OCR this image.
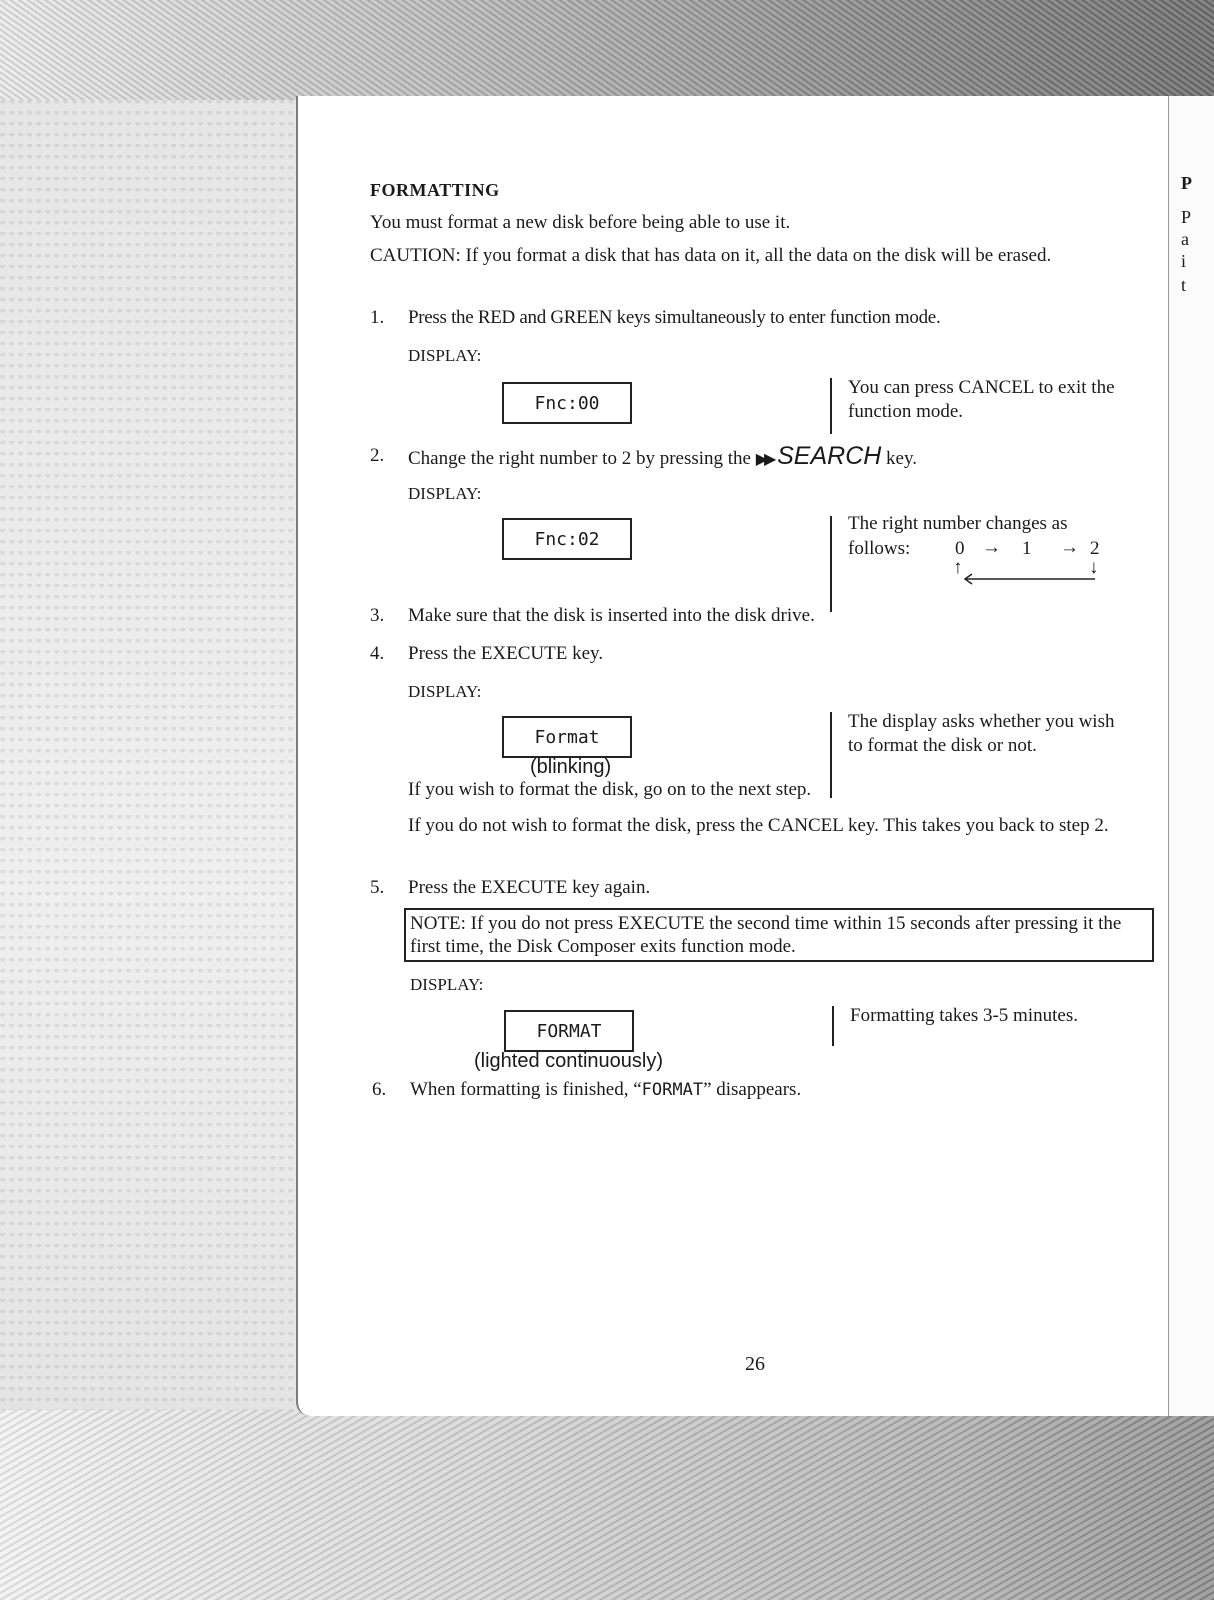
P
P
a
i
t
FORMATTING
You must format a new disk before being able to use it.
CAUTION: If you format a disk that has data on it, all the data on the disk will be erased.
1. Press the RED and GREEN keys simultaneously to enter function mode.
DISPLAY:
Fnc:00
You can press CANCEL to exit the function mode.
2. Change the right number to 2 by pressing the ▶▶ SEARCH key.
DISPLAY:
Fnc:02
The right number changes as
follows: 0 → 1 → 2
↓
↑
3. Make sure that the disk is inserted into the disk drive.
4. Press the EXECUTE key.
DISPLAY:
Format
(blinking)
The display asks whether you wish to format the disk or not.
If you wish to format the disk, go on to the next step.
If you do not wish to format the disk, press the CANCEL key. This takes you back to step 2.
5. Press the EXECUTE key again.
NOTE: If you do not press EXECUTE the second time within 15 seconds after pressing it the first time, the Disk Composer exits function mode.
DISPLAY:
FORMAT
(lighted continuously)
Formatting takes 3-5 minutes.
6. When formatting is finished, “FORMAT” disappears.
26
